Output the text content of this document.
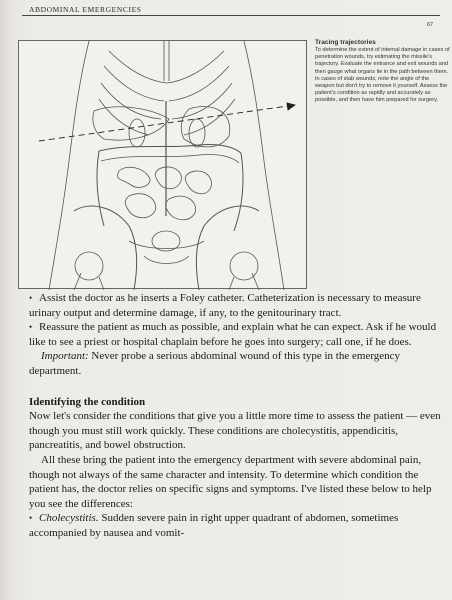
ABDOMINAL EMERGENCIES
67

Tracing trajectories

To determine the extent of internal damage in cases of penetration wounds, try estimating the missile's trajectory. Evaluate the entrance and exit wounds and then gauge what organs lie in the path between them. In cases of stab wounds, note the angle of the weapon but don't try to remove it yourself. Assess the patient's condition as rapidly and accurately as possible, and then have him prepared for surgery.

• Assist the doctor as he inserts a Foley catheter. Catheterization is necessary to measure urinary output and determine damage, if any, to the genitourinary tract.

• Reassure the patient as much as possible, and explain what he can expect. Ask if he would like to see a priest or hospital chaplain before he goes into surgery; call one, if he does.

Important: Never probe a serious abdominal wound of this type in the emergency department.

Identifying the condition

Now let's consider the conditions that give you a little more time to assess the patient — even though you must still work quickly. These conditions are cholecystitis, appendicitis, pancreatitis, and bowel obstruction.

All these bring the patient into the emergency department with severe abdominal pain, though not always of the same character and intensity. To determine which condition the patient has, the doctor relies on specific signs and symptoms. I've listed these below to help you see the differences:

• Cholecystitis. Sudden severe pain in right upper quadrant of abdomen, sometimes accompanied by nausea and vomit-
